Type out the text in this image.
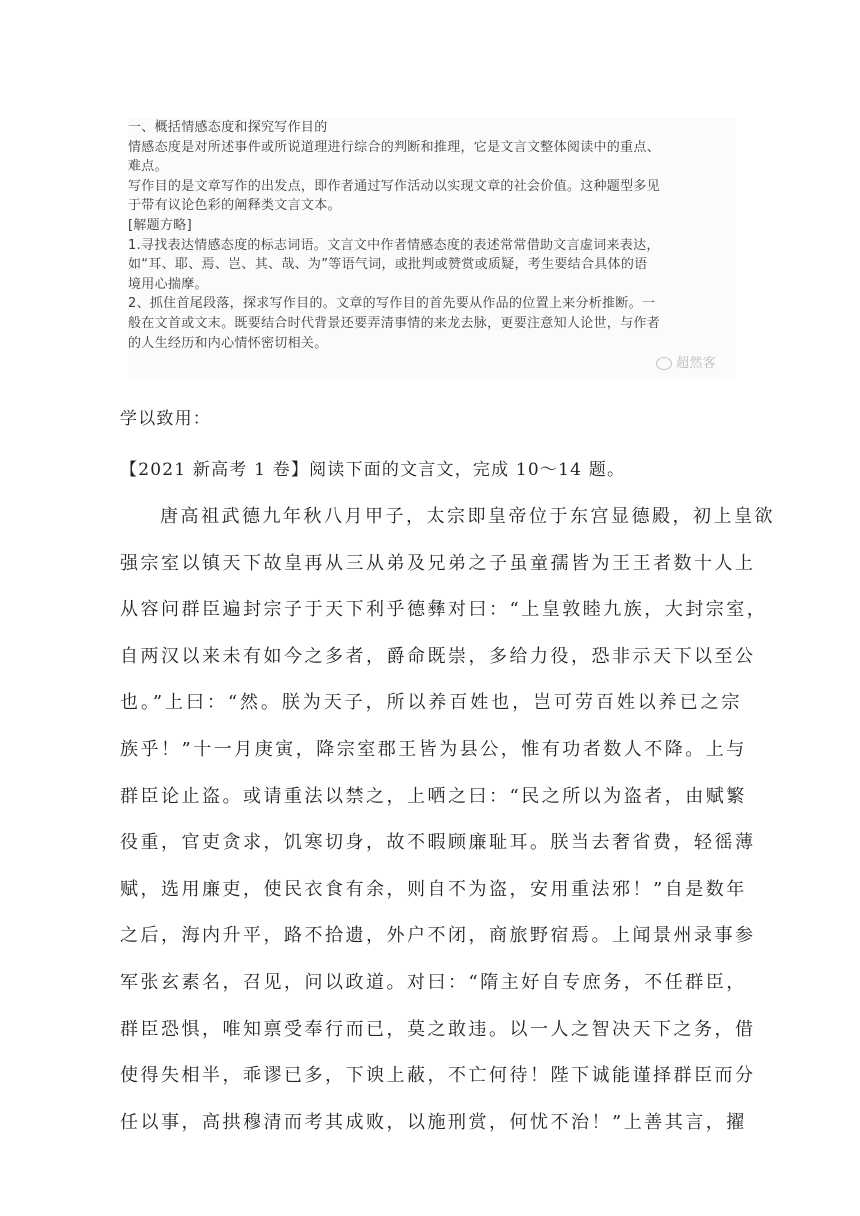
一、概括情感态度和探究写作目的

情感态度是对所述事件或所说道理进行综合的判断和推理，它是文言文整体阅读中的重点、

难点。

写作目的是文章写作的出发点，即作者通过写作活动以实现文章的社会价值。这种题型多见

于带有议论色彩的阐释类文言文本。

[解题方略]

1.寻找表达情感态度的标志词语。文言文中作者情感态度的表述常常借助文言虚词来表达，

如“耳、耶、焉、岂、其、哉、为”等语气词，或批判或赞赏或质疑，考生要结合具体的语

境用心揣摩。

2、抓住首尾段落，探求写作目的。文章的写作目的首先要从作品的位置上来分析推断。一

般在文首或文末。既要结合时代背景还要弄清事情的来龙去脉，更要注意知人论世，与作者

的人生经历和内心情怀密切相关。

超然客
学以致用：
【2021 新高考 1 卷】阅读下面的文言文，完成 10～14 题。
唐高祖武德九年秋八月甲子，太宗即皇帝位于东宫显德殿，初上皇欲
强宗室以镇天下故皇再从三从弟及兄弟之子虽童孺皆为王王者数十人上
从容问群臣遍封宗子于天下利乎德彝对曰：“上皇敦睦九族，大封宗室，
自两汉以来未有如今之多者，爵命既崇，多给力役，恐非示天下以至公
也。”上曰：“然。朕为天子，所以养百姓也，岂可劳百姓以养已之宗
族乎！”十一月庚寅，降宗室郡王皆为县公，惟有功者数人不降。上与
群臣论止盗。或请重法以禁之，上哂之曰：“民之所以为盗者，由赋繁
役重，官吏贪求，饥寒切身，故不暇顾廉耻耳。朕当去奢省费，轻徭薄
赋，选用廉吏，使民衣食有余，则自不为盗，安用重法邪！”自是数年
之后，海内升平，路不拾遗，外户不闭，商旅野宿焉。上闻景州录事参
军张玄素名，召见，问以政道。对曰：“隋主好自专庶务，不任群臣，
群臣恐惧，唯知禀受奉行而已，莫之敢违。以一人之智决天下之务，借
使得失相半，乖谬已多，下谀上蔽，不亡何待！陛下诚能谨择群臣而分
任以事，高拱穆清而考其成败，以施刑赏，何忧不治！”上善其言，擢
